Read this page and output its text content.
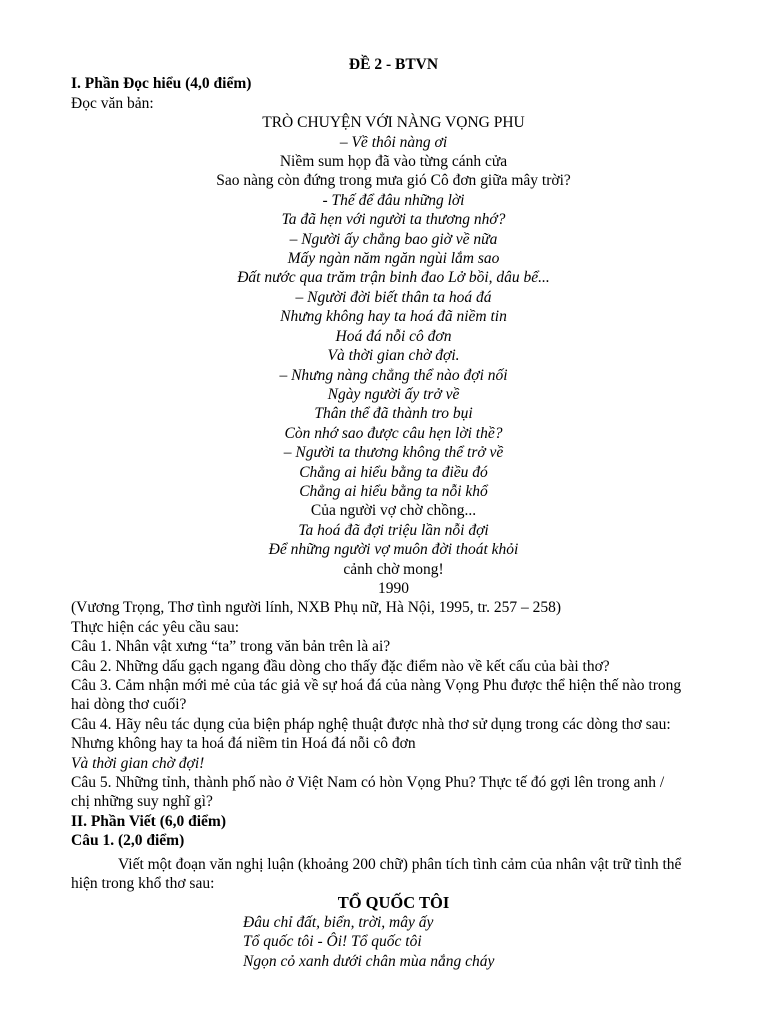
ĐỀ 2 - BTVN
I. Phần Đọc hiểu (4,0 điểm)
Đọc văn bản:
TRÒ CHUYỆN VỚI NÀNG VỌNG PHU
– Về thôi nàng ơi
Niềm sum họp đã vào từng cánh cửa
Sao nàng còn đứng trong mưa gió Cô đơn giữa mây trời?
- Thế để đâu những lời
Ta đã hẹn với người ta thương nhớ?
– Người ấy chẳng bao giờ về nữa
Mấy ngàn năm ngăn ngùi lắm sao
Đất nước qua trăm trận binh đao Lở bồi, dâu bể...
– Người đời biết thân ta hoá đá
Nhưng không hay ta hoá đã niềm tin
Hoá đá nỗi cô đơn
Và thời gian chờ đợi.
– Nhưng nàng chẳng thể nào đợi nối
Ngày người ấy trở về
Thân thể đã thành tro bụi
Còn nhớ sao được câu hẹn lời thề?
– Người ta thương không thể trở về
Chẳng ai hiểu bằng ta điều đó
Chẳng ai hiểu bằng ta nỗi khổ
Của người vợ chờ chồng...
Ta hoá đã đợi triệu lần nỗi đợi
Để những người vợ muôn đời thoát khỏi
cảnh chờ mong!
1990
(Vương Trọng, Thơ tình người lính, NXB Phụ nữ, Hà Nội, 1995, tr. 257 – 258)
Thực hiện các yêu cầu sau:
Câu 1. Nhân vật xưng “ta” trong văn bản trên là ai?
Câu 2. Những dấu gạch ngang đầu dòng cho thấy đặc điểm nào về kết cấu của bài thơ?
Câu 3. Cảm nhận mới mẻ của tác giả về sự hoá đá của nàng Vọng Phu được thể hiện thế nào trong
hai dòng thơ cuối?
Câu 4. Hãy nêu tác dụng của biện pháp nghệ thuật được nhà thơ sử dụng trong các dòng thơ sau:
Nhưng không hay ta hoá đá niềm tin Hoá đá nỗi cô đơn
Và thời gian chờ đợi!
Câu 5. Những tỉnh, thành phố nào ở Việt Nam có hòn Vọng Phu? Thực tế đó gợi lên trong anh /
chị những suy nghĩ gì?
II. Phần Viết (6,0 điểm)
Câu 1. (2,0 điểm)
Viết một đoạn văn nghị luận (khoảng 200 chữ) phân tích tình cảm của nhân vật trữ tình thể
hiện trong khổ thơ sau:
TỔ QUỐC TÔI
Đâu chỉ đất, biển, trời, mây ấy
Tổ quốc tôi - Ôi! Tổ quốc tôi
Ngọn cỏ xanh dưới chân mùa nắng cháy
